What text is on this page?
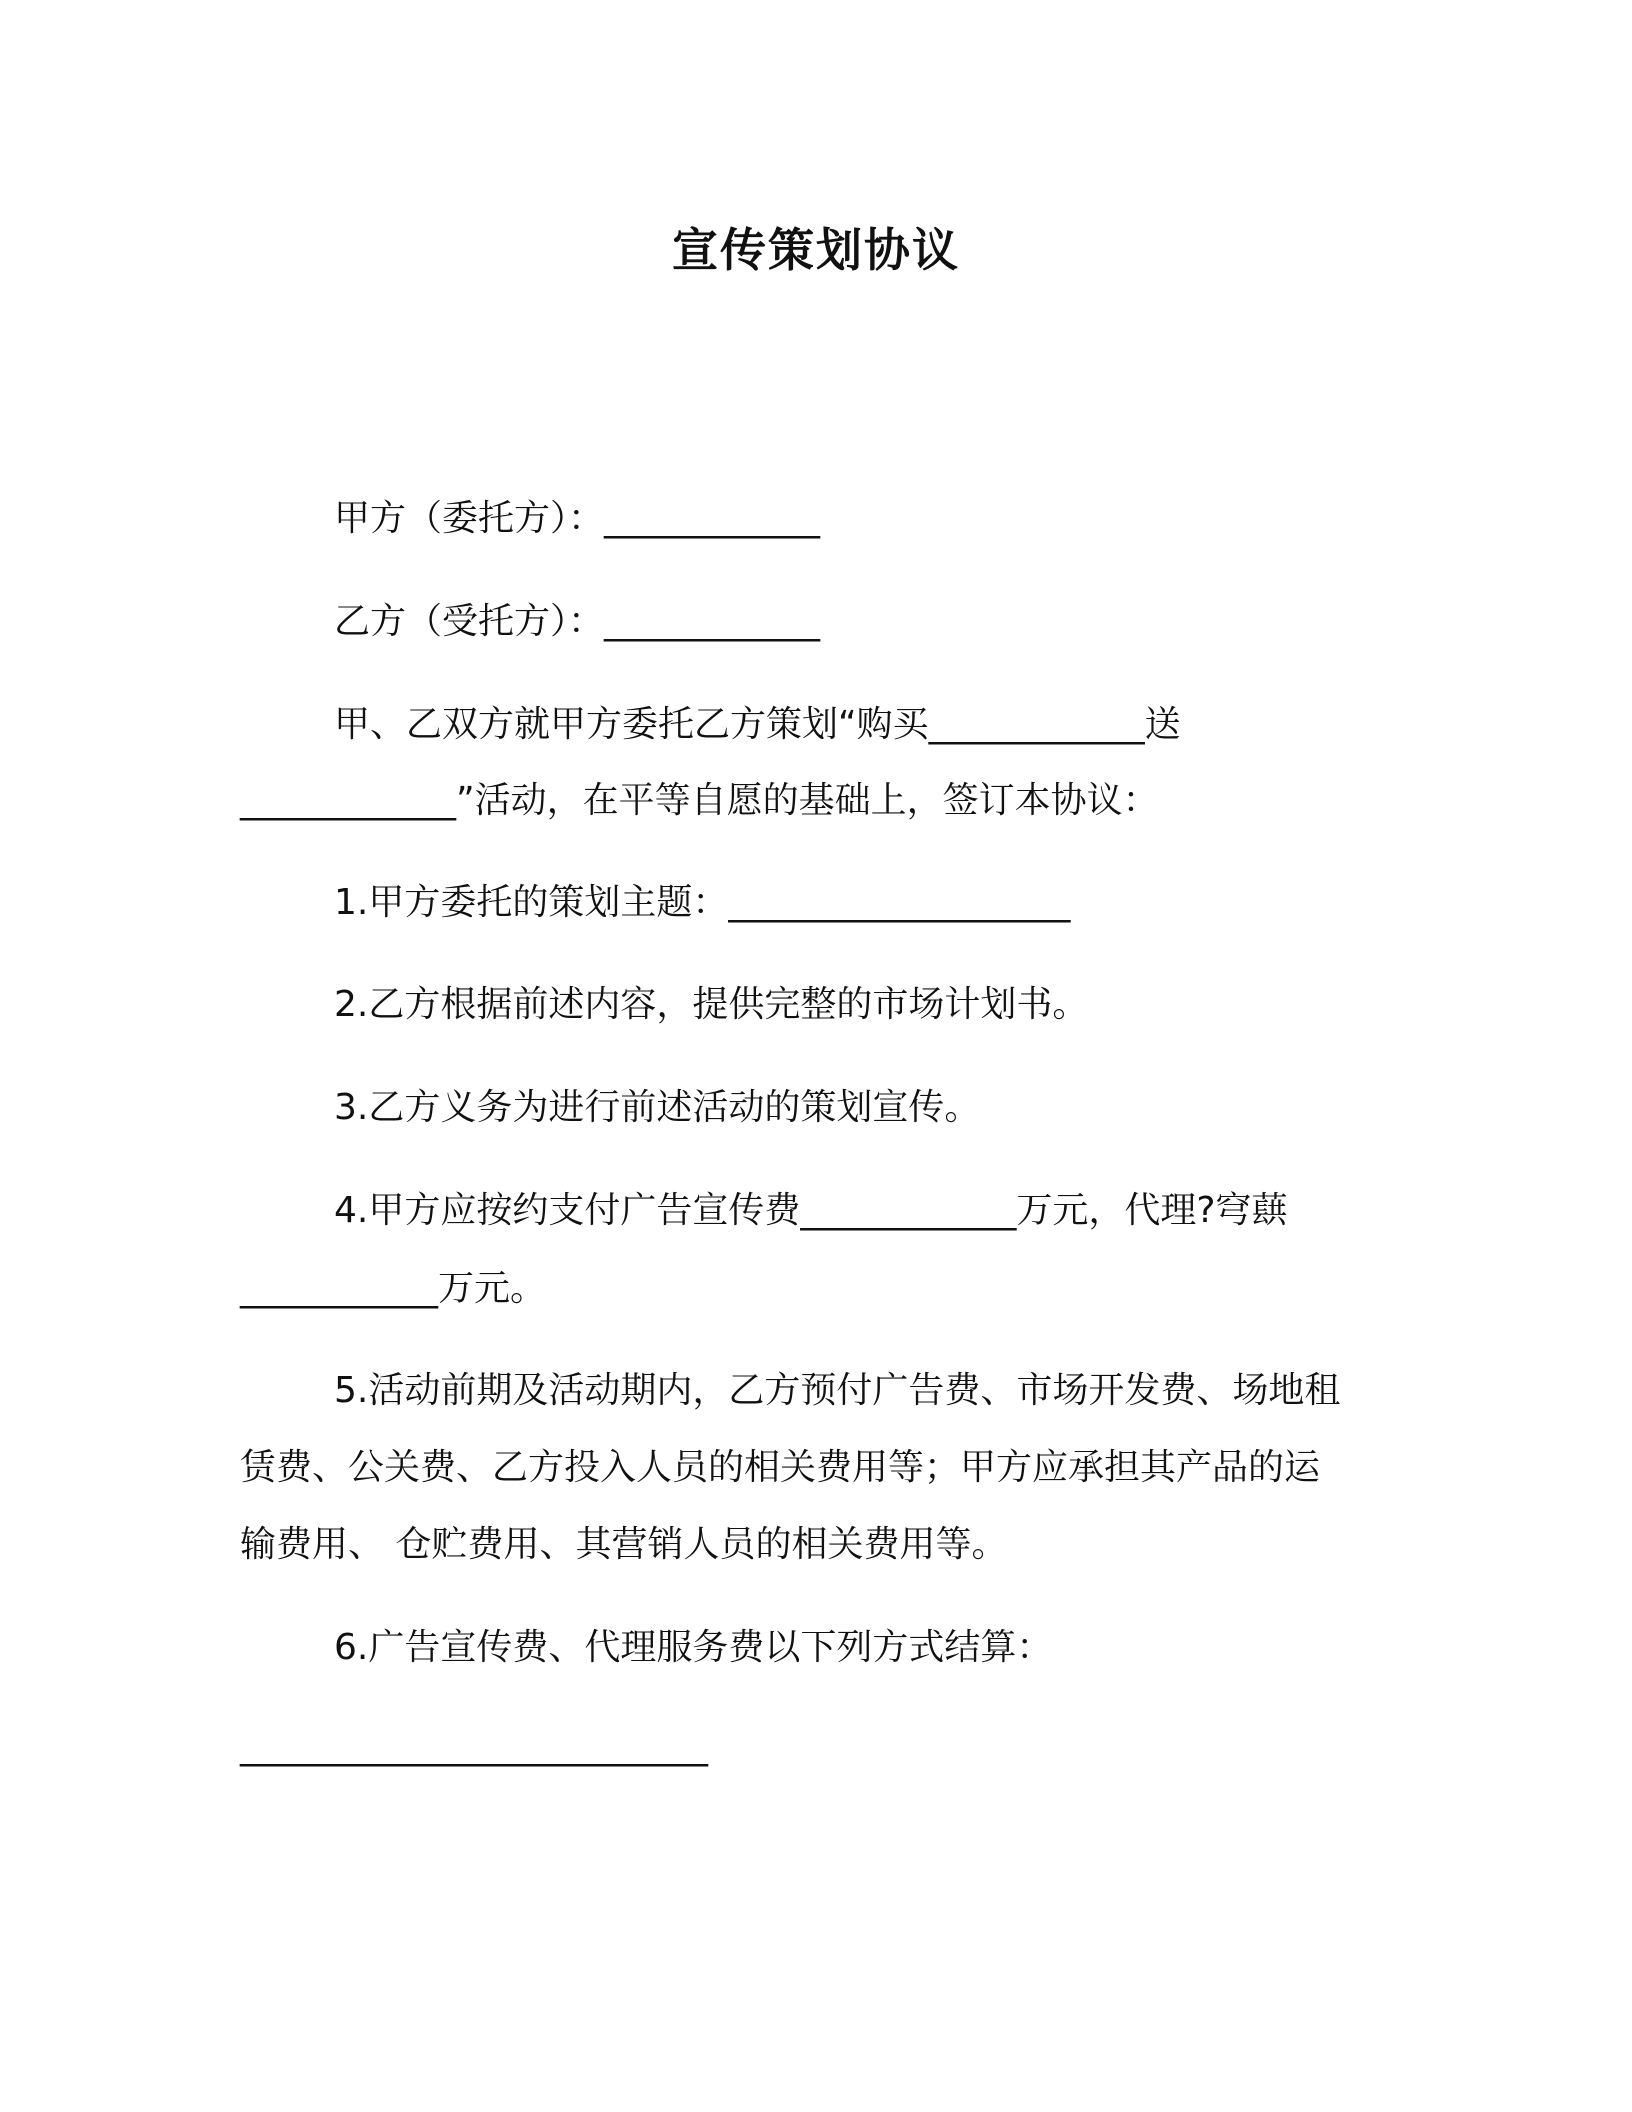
宣传策划协议
甲方（委托方）：____________
乙方（受托方）：____________
甲、乙双方就甲方委托乙方策划“购买____________送
____________”活动，在平等自愿的基础上，签订本协议：
1.甲方委托的策划主题：___________________
2.乙方根据前述内容，提供完整的市场计划书。
3.乙方义务为进行前述活动的策划宣传。
4.甲方应按约支付广告宣传费____________万元，代理?穹蕻
___________万元。
5.活动前期及活动期内，乙方预付广告费、市场开发费、场地租
赁费、公关费、乙方投入人员的相关费用等；甲方应承担其产品的运
输费用、 仓贮费用、其营销人员的相关费用等。
6.广告宣传费、代理服务费以下列方式结算：
__________________________
